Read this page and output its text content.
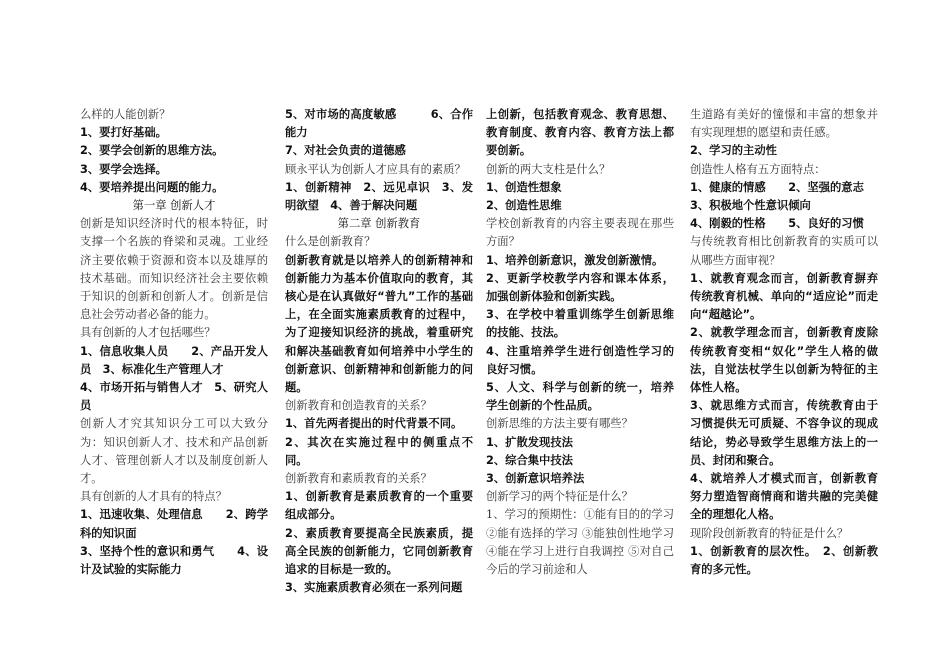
么样的人能创新？

1、要打好基础。

2、要学会创新的思维方法。

3、要学会选择。

4、要培养提出问题的能力。

第一章 创新人才

创新是知识经济时代的根本特征，时支撑一个名族的脊梁和灵魂。工业经济主要依赖于资源和资本以及雄厚的技术基础。而知识经济社会主要依赖于知识的创新和创新人才。创新是信息社会劳动者必备的能力。

具有创新的人才包括哪些？

1、信息收集人员　　2、产品开发人员　3、标准化生产管理人才

4、市场开拓与销售人才　5、研究人员

创新人才究其知识分工可以大致分为：知识创新人才、技术和产品创新人才、管理创新人才以及制度创新人才。

具有创新的人才具有的特点？

1、迅速收集、处理信息　　2、跨学科的知识面

3、坚持个性的意识和勇气　　4、设计及试验的实际能力

5、对市场的高度敏感　　　6、合作能力

7、对社会负责的道德感

顾永平认为创新人才应具有的素质？

1、创新精神　2、远见卓识　3、发明欲望　4、善于解决问题

第二章 创新教育

什么是创新教育？

创新教育就是以培养人的创新精神和创新能力为基本价值取向的教育，其核心是在认真做好“普九”工作的基础上，在全面实施素质教育的过程中，为了迎接知识经济的挑战，着重研究和解决基础教育如何培养中小学生的创新意识、创新精神和创新能力的问题。

创新教育和创造教育的关系？

1、首先两者提出的时代背景不同。

2、其次在实施过程中的侧重点不同。

创新教育和素质教育的关系？

1、创新教育是素质教育的一个重要组成部分。

2、素质教育要提高全民族素质，提高全民族的创新能力，它同创新教育追求的目标是一致的。

3、实施素质教育必须在一系列问题

上创新，包括教育观念、教育思想、教育制度、教育内容、教育方法上都要创新。

创新的两大支柱是什么？

1、创造性想象

2、创造性思维

学校创新教育的内容主要表现在那些方面？

1、培养创新意识，激发创新激情。

2、更新学校教学内容和课本体系，加强创新体验和创新实践。

3、在学校中着重训练学生创新思维的技能、技法。

4、注重培养学生进行创造性学习的良好习惯。

5、人文、科学与创新的统一，培养学生创新的个性品质。

创新思维的方法主要有哪些？

1、扩散发现技法

2、综合集中技法

3、创新意识培养法

创新学习的两个特征是什么？

1、学习的预期性：①能有目的的学习 ②能有选择的学习 ③能独创性地学习 ④能在学习上进行自我调控 ⑤对自己今后的学习前途和人

生道路有美好的憧憬和丰富的想象并有实现理想的愿望和责任感。

2、学习的主动性

创造性人格有五方面特点：

1、健康的情感　　2、坚强的意志

3、积极地个性意识倾向

4、刚毅的性格　　5、良好的习惯

与传统教育相比创新教育的实质可以从哪些方面审视？

1、就教育观念而言，创新教育摒弃传统教育机械、单向的“适应论”而走向“超越论”。

2、就教学理念而言，创新教育废除传统教育变相“奴化”学生人格的做法，自觉法杖学生以创新为特征的主体性人格。

3、就思维方式而言，传统教育由于习惯提供无可质疑、不容争议的现成结论，势必导致学生思维方法上的一员、封闭和聚合。

4、就培养人才模式而言，创新教育努力塑造智商情商和谐共融的完美健全的理想化人格。

现阶段创新教育的特征是什么？

1、创新教育的层次性。　2、创新教育的多元性。
